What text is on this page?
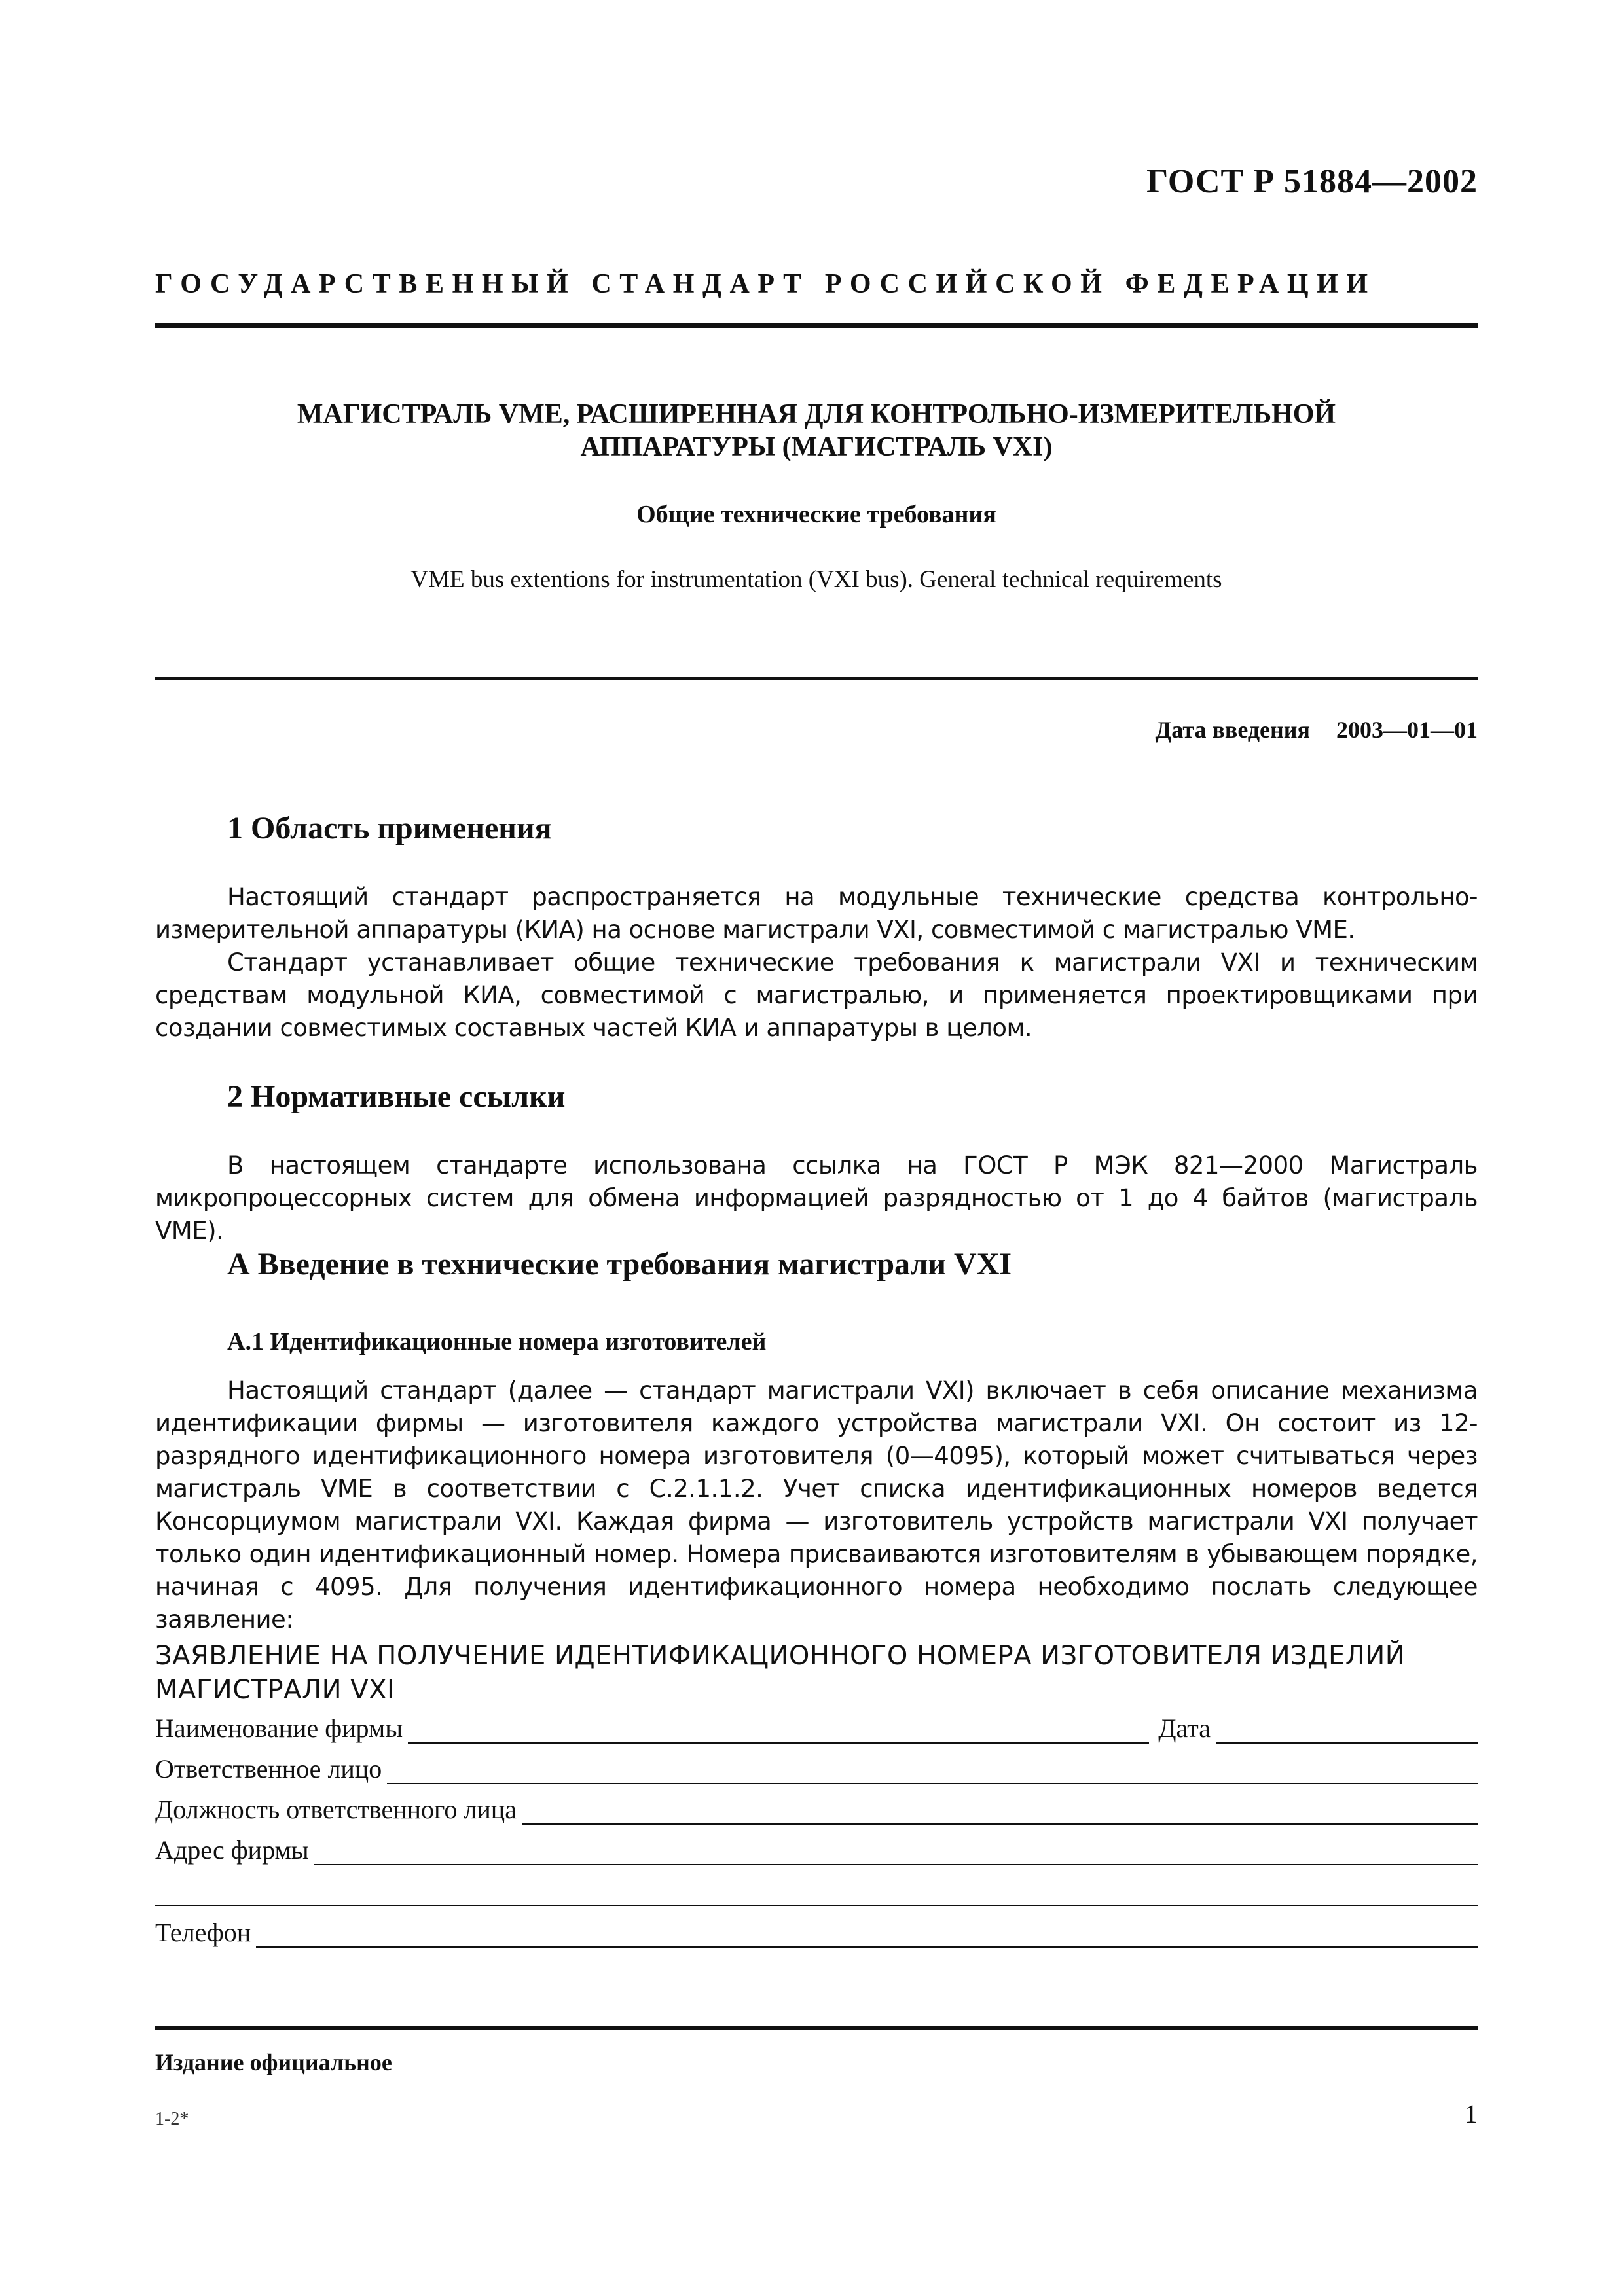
ГОСТ Р 51884—2002
ГОСУДАРСТВЕННЫЙ СТАНДАРТ РОССИЙСКОЙ ФЕДЕРАЦИИ
МАГИСТРАЛЬ VME, РАСШИРЕННАЯ ДЛЯ КОНТРОЛЬНО-ИЗМЕРИТЕЛЬНОЙ
АППАРАТУРЫ (МАГИСТРАЛЬ VXI)
Общие технические требования
VME bus extentions for instrumentation (VXI bus). General technical requirements
Дата введения 2003—01—01
1 Область применения

Настоящий стандарт распространяется на модульные технические средства контрольно-измерительной аппаратуры (КИА) на основе магистрали VXI, совместимой с магистралью VME.

Стандарт устанавливает общие технические требования к магистрали VXI и техническим средствам модульной КИА, совместимой с магистралью, и применяется проектировщиками при создании совместимых составных частей КИА и аппаратуры в целом.

2 Нормативные ссылки

В настоящем стандарте использована ссылка на ГОСТ Р МЭК 821—2000 Магистраль микропроцессорных систем для обмена информацией разрядностью от 1 до 4 байтов (магистраль VME).

А Введение в технические требования магистрали VXI
А.1 Идентификационные номера изготовителей

Настоящий стандарт (далее — стандарт магистрали VXI) включает в себя описание механизма идентификации фирмы — изготовителя каждого устройства магистрали VXI. Он состоит из 12-разрядного идентификационного номера изготовителя (0—4095), который может считываться через магистраль VME в соответствии с С.2.1.1.2. Учет списка идентификационных номеров ведется Консорциумом магистрали VXI. Каждая фирма — изготовитель устройств магистрали VXI получает только один идентификационный номер. Номера присваиваются изготовителям в убывающем порядке, начиная с 4095. Для получения идентификационного номера необходимо послать следующее заявление:

ЗАЯВЛЕНИЕ НА ПОЛУЧЕНИЕ ИДЕНТИФИКАЦИОННОГО НОМЕРА ИЗГОТОВИТЕЛЯ ИЗДЕЛИЙ МАГИСТРАЛИ VXI
Наименование фирмы	Дата
Ответственное лицо
Должность ответственного лица
Адрес фирмы
Телефон
Издание официальное
1-2*	1
